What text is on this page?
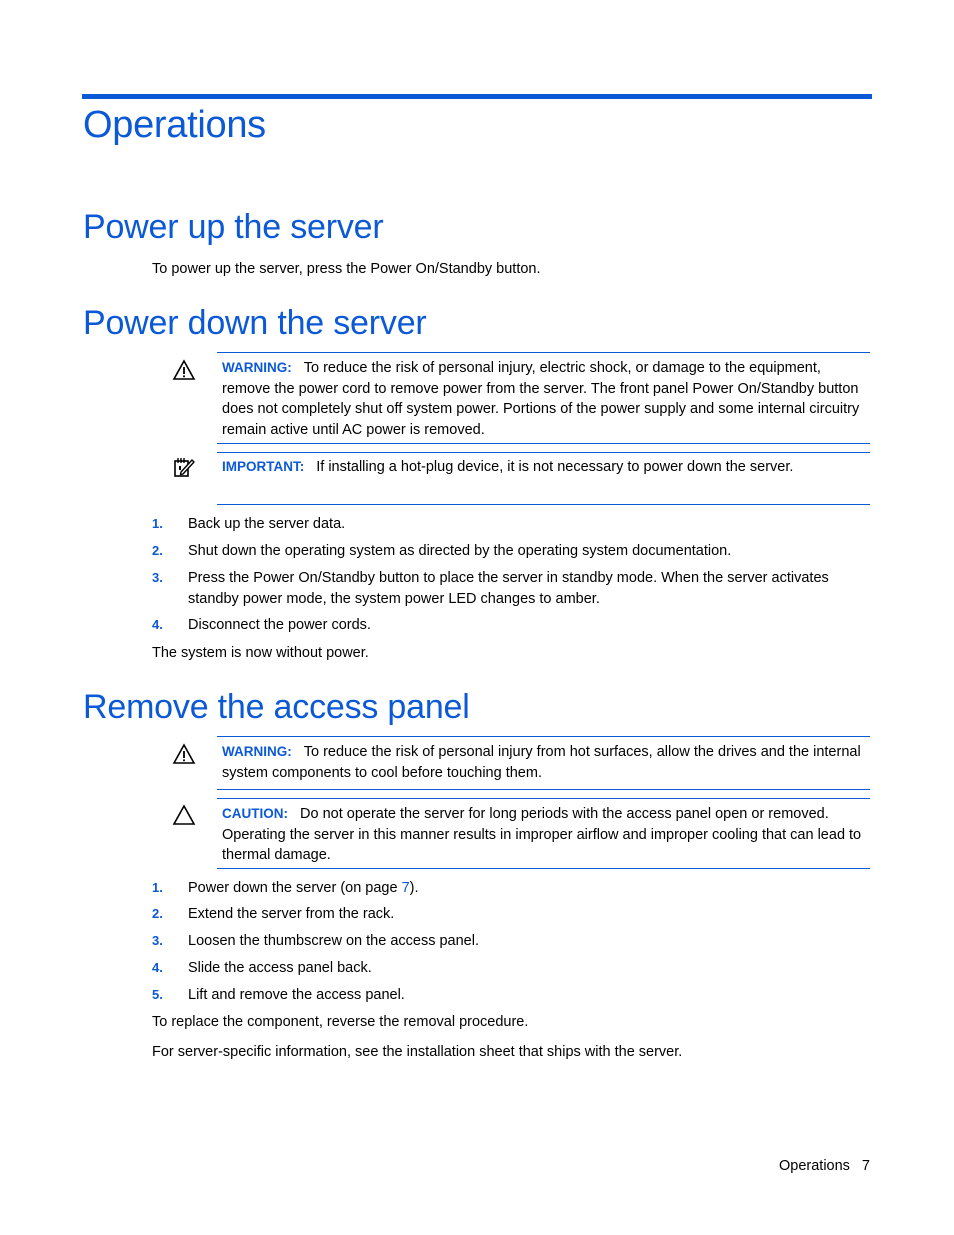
Operations
Power up the server

To power up the server, press the Power On/Standby button.

Power down the server
WARNING: To reduce the risk of personal injury, electric shock, or damage to the equipment, remove the power cord to remove power from the server. The front panel Power On/Standby button does not completely shut off system power. Portions of the power supply and some internal circuitry remain active until AC power is removed.
IMPORTANT: If installing a hot-plug device, it is not necessary to power down the server.
1. Back up the server data.
2. Shut down the operating system as directed by the operating system documentation.
3. Press the Power On/Standby button to place the server in standby mode. When the server activates standby power mode, the system power LED changes to amber.
4. Disconnect the power cords.

The system is now without power.

Remove the access panel
WARNING: To reduce the risk of personal injury from hot surfaces, allow the drives and the internal system components to cool before touching them.
CAUTION: Do not operate the server for long periods with the access panel open or removed. Operating the server in this manner results in improper airflow and improper cooling that can lead to thermal damage.
1. Power down the server (on page 7).
2. Extend the server from the rack.
3. Loosen the thumbscrew on the access panel.
4. Slide the access panel back.
5. Lift and remove the access panel.

To replace the component, reverse the removal procedure.

For server-specific information, see the installation sheet that ships with the server.

Operations 7
